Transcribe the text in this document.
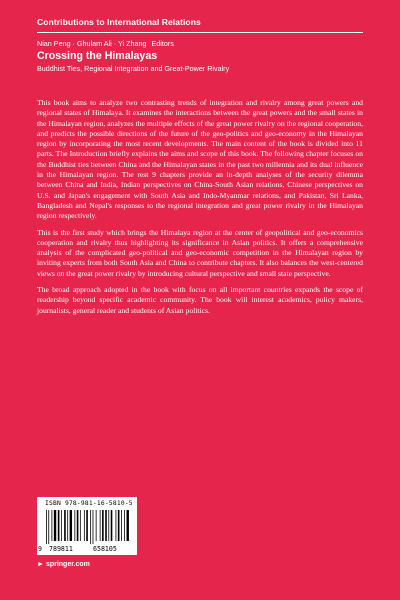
Contributions to International Relations
Nian Peng · Ghulam Ali · Yi Zhang Editors
Crossing the Himalayas
Buddhist Ties, Regional Integration and Great-Power Rivalry

This book aims to analyze two contrasting trends of integration and rivalry among great powers and regional states of Himalaya. It examines the interactions between the great powers and the small states in the Himalayan region, analyzes the multiple effects of the great power rivalry on the regional cooperation, and predicts the possible directions of the future of the geo-politics and geo-economy in the Himalayan region by incorporating the most recent developments. The main content of the book is divided into 11 parts. The Introduction briefly explains the aims and scope of this book. The following chapter focuses on the Buddhist ties between China and the Himalayan states in the past two millennia and its dual influence in the Himalayan region. The rest 9 chapters provide an in-depth analyses of the security dilemma between China and India, Indian perspectives on China-South Asian relations, Chinese perspectives on U.S. and Japan's engagement with South Asia and Indo-Myanmar relations, and Pakistan, Sri Lanka, Bangladesh and Nepal's responses to the regional integration and great power rivalry in the Himalayan region respectively.

This is the first study which brings the Himalaya region at the center of geopolitical and geo-economics cooperation and rivalry thus highlighting its significance in Asian politics. It offers a comprehensive analysis of the complicated geo-political and geo-economic competition in the Himalayan region by inviting experts from both South Asia and China to contribute chapters. It also balances the west-centered views on the great power rivalry by introducing cultural perspective and small state perspective.

The broad approach adopted in the book with focus on all important countries expands the scope of readership beyond specific academic community. The book will interest academics, policy makers, journalists, general reader and students of Asian politics.

ISBN 978-981-16-5810-5
9 789811	658105
► springer.com
